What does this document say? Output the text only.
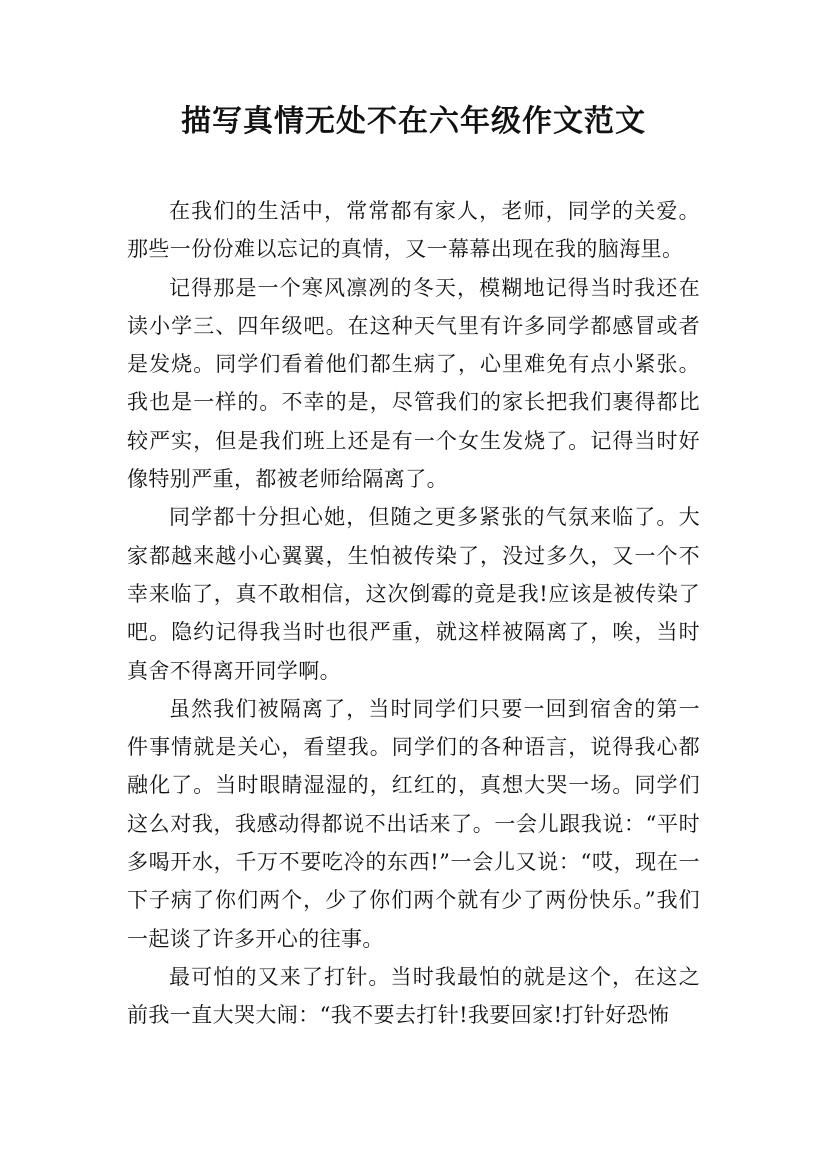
描写真情无处不在六年级作文范文

在我们的生活中，常常都有家人，老师，同学的关爱。那些一份份难以忘记的真情，又一幕幕出现在我的脑海里。

记得那是一个寒风凛冽的冬天，模糊地记得当时我还在读小学三、四年级吧。在这种天气里有许多同学都感冒或者是发烧。同学们看着他们都生病了，心里难免有点小紧张。我也是一样的。不幸的是，尽管我们的家长把我们裹得都比较严实，但是我们班上还是有一个女生发烧了。记得当时好像特别严重，都被老师给隔离了。

同学都十分担心她，但随之更多紧张的气氛来临了。大家都越来越小心翼翼，生怕被传染了，没过多久，又一个不幸来临了，真不敢相信，这次倒霉的竟是我!应该是被传染了吧。隐约记得我当时也很严重，就这样被隔离了，唉，当时真舍不得离开同学啊。

虽然我们被隔离了，当时同学们只要一回到宿舍的第一件事情就是关心，看望我。同学们的各种语言，说得我心都融化了。当时眼睛湿湿的，红红的，真想大哭一场。同学们这么对我，我感动得都说不出话来了。一会儿跟我说：“平时多喝开水，千万不要吃冷的东西!”一会儿又说：“哎，现在一下子病了你们两个，少了你们两个就有少了两份快乐。”我们一起谈了许多开心的往事。

最可怕的又来了打针。当时我最怕的就是这个，在这之前我一直大哭大闹：“我不要去打针!我要回家!打针好恐怖
